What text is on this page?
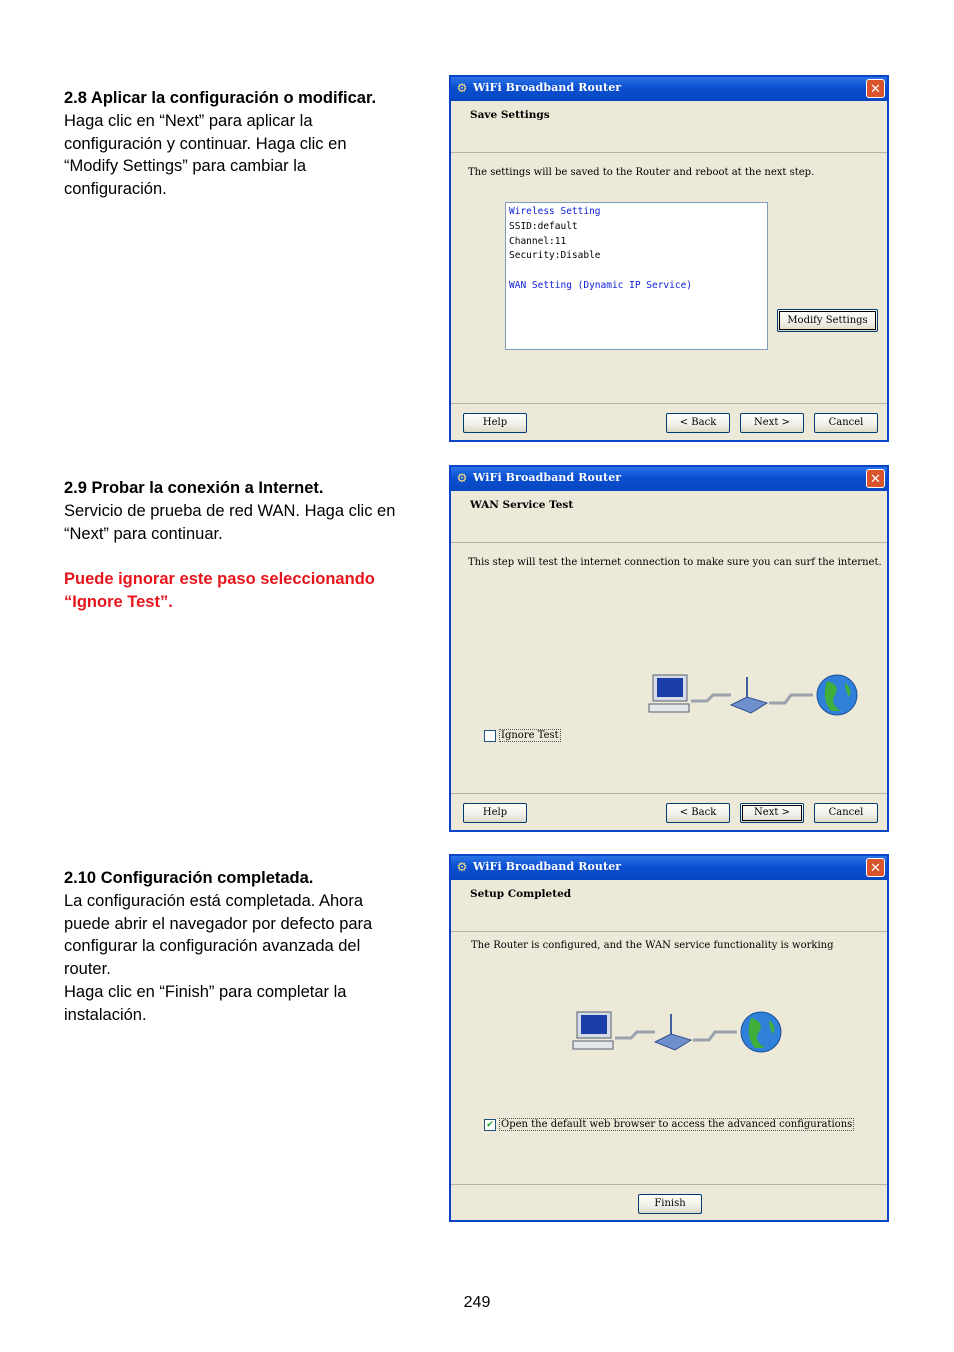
2.8 Aplicar la configuración o modificar.
Haga clic en “Next” para aplicar la
configuración y continuar. Haga clic en
“Modify Settings” para cambiar la
configuración.
2.9 Probar la conexión a Internet.
Servicio de prueba de red WAN. Haga clic en
“Next” para continuar.
Puede ignorar este paso seleccionando
“Ignore Test”.
2.10 Configuración completada.
La configuración está completada. Ahora
puede abrir el navegador por defecto para
configurar la configuración avanzada del
router.
Haga clic en “Finish” para completar la
instalación.
⚙ WiFi Broadband Router	✕
Save Settings
The settings will be saved to the Router and reboot at the next step.
Wireless Setting
SSID:default
Channel:11
Security:Disable
WAN Setting (Dynamic IP Service)
Modify Settings
Help	< Back	Next >	Cancel
⚙ WiFi Broadband Router	✕
WAN Service Test
This step will test the internet connection to make sure you can surf the internet.
Ignore Test
Help	< Back	Next >	Cancel
⚙ WiFi Broadband Router	✕
Setup Completed
The Router is configured, and the WAN service functionality is working
✔ Open the default web browser to access the advanced configurations
Finish
249
